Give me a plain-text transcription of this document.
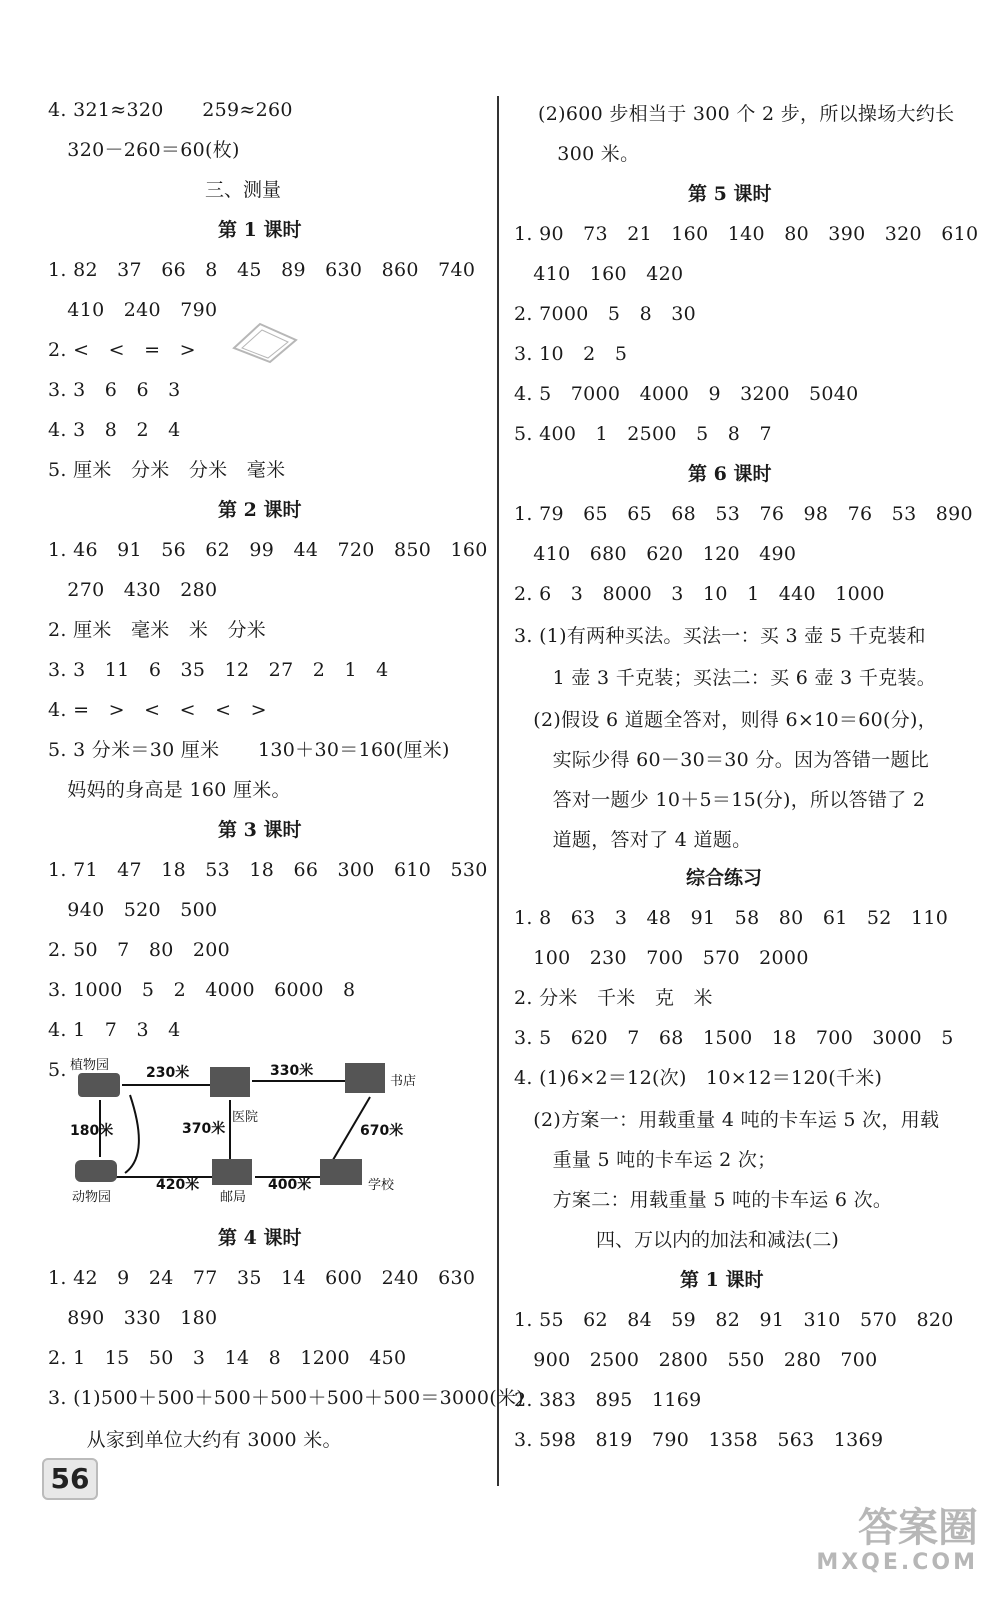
4. 321≈320　　259≈260
　320－260＝60(枚)
三、测量
第 1 课时
1. 82　37　66　8　45　89　630　860　740
　410　240　790
2. <　<　=　>
3. 3　6　6　3
4. 3　8　2　4
5. 厘米　分米　分米　毫米
第 2 课时
1. 46　91　56　62　99　44　720　850　160
　270　430　280
2. 厘米　毫米　米　分米
3. 3　11　6　35　12　27　2　1　4
4. =　>　<　<　<　>
5. 3 分米＝30 厘米　　130＋30＝160(厘米)
　妈妈的身高是 160 厘米。
第 3 课时
1. 71　47　18　53　18　66　300　610　530
　940　520　500
2. 50　7　80　200
3. 1000　5　2　4000　6000　8
4. 1　7　3　4
5. 植物园
书店
医院
动物园	邮局
学校
230米	330米
180米	370米	670米
420米	400米
第 4 课时
1. 42　9　24　77　35　14　600　240　630
　890　330　180
2. 1　15　50　3　14　8　1200　450
3. (1)500＋500＋500＋500＋500＋500＝3000(米)
　　从家到单位大约有 3000 米。
(2)600 步相当于 300 个 2 步，所以操场大约长
　300 米。
第 5 课时
1. 90　73　21　160　140　80　390　320　610
　410　160　420
2. 7000　5　8　30
3. 10　2　5
4. 5　7000　4000　9　3200　5040
5. 400　1　2500　5　8　7
第 6 课时
1. 79　65　65　68　53　76　98　76　53　890
　410　680　620　120　490
2. 6　3　8000　3　10　1　440　1000
3. (1)有两种买法。买法一：买 3 壶 5 千克装和
　　1 壶 3 千克装；买法二：买 6 壶 3 千克装。
　(2)假设 6 道题全答对，则得 6×10＝60(分)，
　　实际少得 60－30＝30 分。因为答错一题比
　　答对一题少 10＋5＝15(分)，所以答错了 2
　　道题，答对了 4 道题。
综合练习
1. 8　63　3　48　91　58　80　61　52　110
　100　230　700　570　2000
2. 分米　千米　克　米
3. 5　620　7　68　1500　18　700　3000　5
4. (1)6×2＝12(次)　10×12＝120(千米)
　(2)方案一：用载重量 4 吨的卡车运 5 次，用载
　　重量 5 吨的卡车运 2 次；
　　方案二：用载重量 5 吨的卡车运 6 次。
四、万以内的加法和减法(二)
第 1 课时
1. 55　62　84　59　82　91　310　570　820
　900　2500　2800　550　280　700
2. 383　895　1169
3. 598　819　790　1358　563　1369
56
答案圈
MXQE.COM
